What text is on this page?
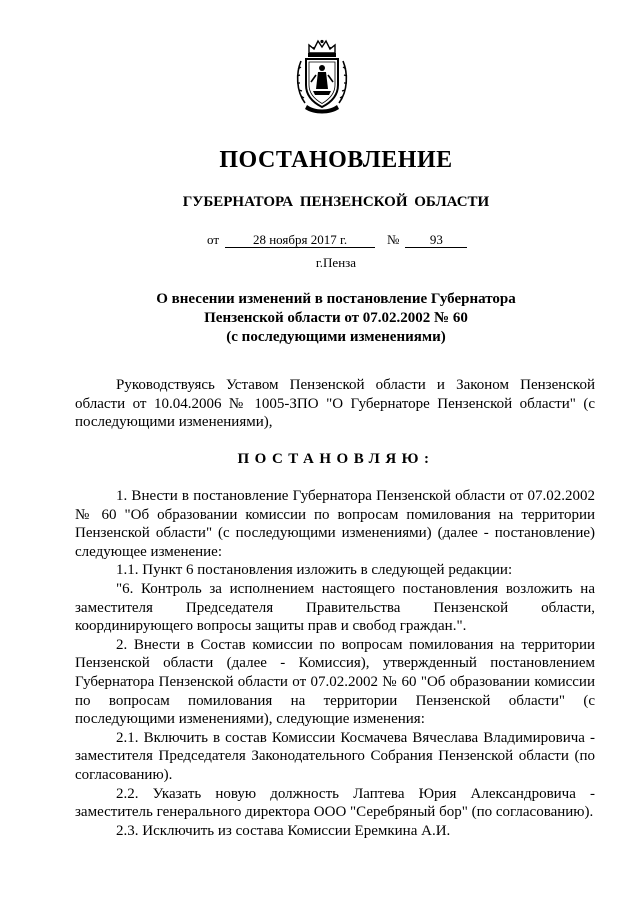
ПОСТАНОВЛЕНИЕ
ГУБЕРНАТОРА ПЕНЗЕНСКОЙ ОБЛАСТИ
от	28 ноября 2017 г.	№ 93
г.Пенза
О внесении изменений в постановление Губернатора
Пензенской области от 07.02.2002 № 60
(с последующими изменениями)

Руководствуясь Уставом Пензенской области и Законом Пензенской области от 10.04.2006 № 1005-ЗПО "О Губернаторе Пензенской области" (с последующими изменениями),

ПОСТАНОВЛЯЮ:

1. Внести в постановление Губернатора Пензенской области от 07.02.2002 № 60 "Об образовании комиссии по вопросам помилования на территории Пензенской области" (с последующими изменениями) (далее - постановление) следующее изменение:

1.1. Пункт 6 постановления изложить в следующей редакции:

"6. Контроль за исполнением настоящего постановления возложить на заместителя Председателя Правительства Пензенской области, координирующего вопросы защиты прав и свобод граждан.".

2. Внести в Состав комиссии по вопросам помилования на территории Пензенской области (далее - Комиссия), утвержденный постановлением Губернатора Пензенской области от 07.02.2002 № 60 "Об образовании комиссии по вопросам помилования на территории Пензенской области" (с последующими изменениями), следующие изменения:

2.1. Включить в состав Комиссии Космачева Вячеслава Владимировича - заместителя Председателя Законодательного Собрания Пензенской области (по согласованию).

2.2. Указать новую должность Лаптева Юрия Александровича - заместитель генерального директора ООО "Серебряный бор" (по согласованию).

2.3. Исключить из состава Комиссии Еремкина А.И.
